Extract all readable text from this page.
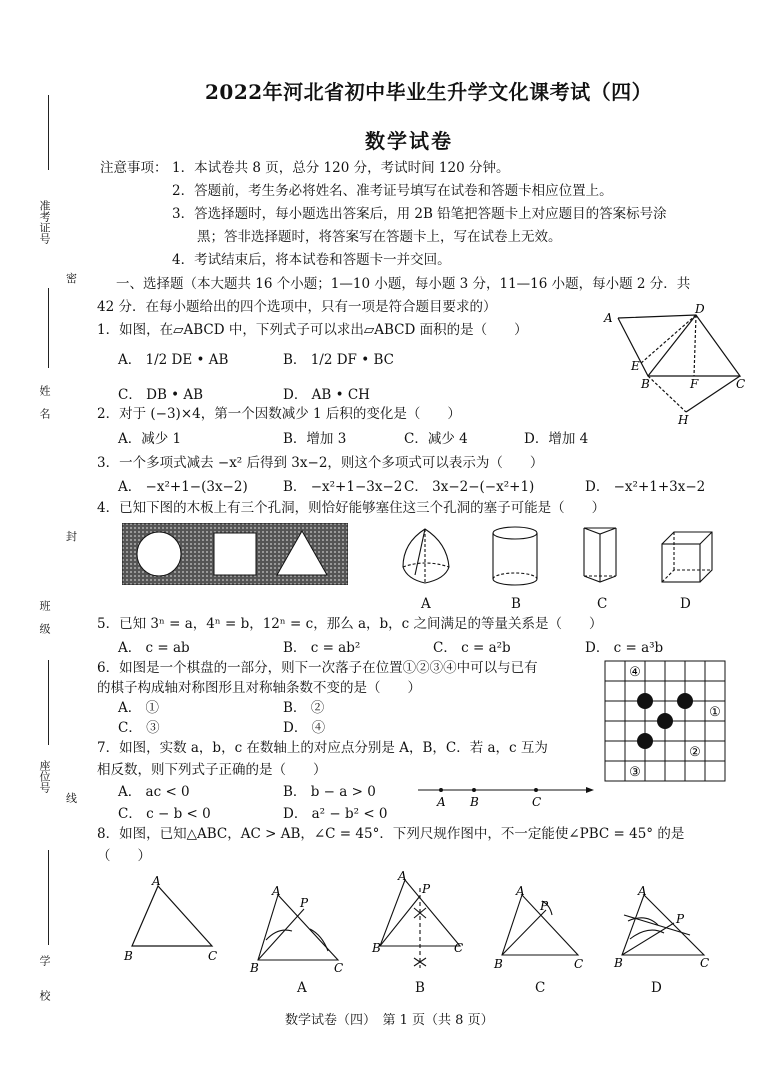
准考证号
密
姓名
封
班级
座位号
线
学校
2022年河北省初中毕业生升学文化课考试（四）
数学试卷
注意事项： 1．本试卷共 8 页，总分 120 分，考试时间 120 分钟。
2．答题前，考生务必将姓名、准考证号填写在试卷和答题卡相应位置上。
3．答选择题时，每小题选出答案后，用 2B 铅笔把答题卡上对应题目的答案标号涂
黑；答非选择题时，将答案写在答题卡上，写在试卷上无效。
4．考试结束后，将本试卷和答题卡一并交回。
一、选择题（本大题共 16 个小题；1—10 小题，每小题 3 分，11—16 小题，每小题 2 分．共
42 分．在每小题给出的四个选项中，只有一项是符合题目要求的）
1．如图，在▱ABCD 中，下列式子可以求出▱ABCD 面积的是（　　）
A． 1/2 DE • AB	B． 1/2 DF • BC
C． DB • AB	D． AB • CH
A
D
E
B	F	C
H
2．对于 (−3)×4，第一个因数减少 1 后积的变化是（　　）
A．减少 1	B．增加 3	C．减少 4	D．增加 4
3．一个多项式减去 −x² 后得到 3x−2，则这个多项式可以表示为（　　）
A． −x²+1−(3x−2)	B． −x²+1−3x−2 C． 3x−2−(−x²+1)	D． −x²+1+3x−2
4．已知下图的木板上有三个孔洞，则恰好能够塞住这三个孔洞的塞子可能是（　　）
A	B	C	D
5．已知 3ⁿ = a，4ⁿ = b，12ⁿ = c，那么 a，b，c 之间满足的等量关系是（　　）
A． c = ab	B． c = ab²	C． c = a²b	D． c = a³b
6．如图是一个棋盘的一部分，则下一次落子在位置①②③④中可以与已有
的棋子构成轴对称图形且对称轴条数不变的是（　　）
A． ①	B． ②
C． ③	D． ④
④
①
②
③
7．如图，实数 a，b，c 在数轴上的对应点分别是 A，B，C．若 a，c 互为
相反数，则下列式子正确的是（　　）
A． ac < 0	B． b − a > 0
C． c − b < 0	D． a² − b² < 0
A B	C
8．如图，已知△ABC，AC > AB，∠C = 45°．下列尺规作图中，不一定能使∠PBC = 45° 的是
（　　）
A
B	C
A
P
B	C
A
P
B	C
A
P
B	C
A
P
B	C
A	B	C	D
数学试卷（四）　第 1 页（共 8 页）
